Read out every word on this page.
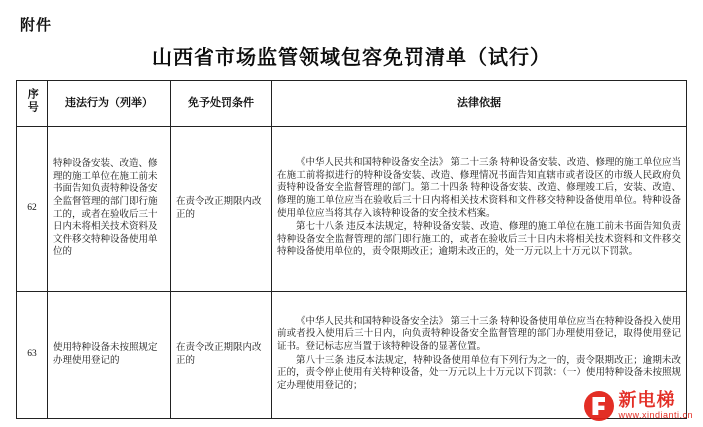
附件
山西省市场监管领域包容免罚清单（试行）
序号	违法行为（列举）	免予处罚条件	法律依据
62	特种设备安装、改造、修理的施工单位在施工前未书面告知负责特种设备安全监督管理的部门即行施工的，或者在验收后三十日内未将相关技术资料及文件移交特种设备使用单位的	在责令改正期限内改正的	《中华人民共和国特种设备安全法》 第二十三条 特种设备安装、改造、修理的施工单位应当在施工前将拟进行的特种设备安装、改造、修理情况书面告知直辖市或者设区的市级人民政府负责特种设备安全监督管理的部门。第二十四条 特种设备安装、改造、修理竣工后，安装、改造、修理的施工单位应当在验收后三十日内将相关技术资料和文件移交特种设备使用单位。特种设备使用单位应当将其存入该特种设备的安全技术档案。

第七十八条 违反本法规定，特种设备安装、改造、修理的施工单位在施工前未书面告知负责特种设备安全监督管理的部门即行施工的，或者在验收后三十日内未将相关技术资料和文件移交特种设备使用单位的，责令限期改正；逾期未改正的，处一万元以上十万元以下罚款。

63	使用特种设备未按照规定办理使用登记的	在责令改正期限内改正的	《中华人民共和国特种设备安全法》 第三十三条 特种设备使用单位应当在特种设备投入使用前或者投入使用后三十日内，向负责特种设备安全监督管理的部门办理使用登记，取得使用登记证书。登记标志应当置于该特种设备的显著位置。

第八十三条 违反本法规定，特种设备使用单位有下列行为之一的，责令限期改正；逾期未改正的，责令停止使用有关特种设备，处一万元以上十万元以下罚款：（一）使用特种设备未按照规定办理使用登记的；

新电梯
www.xindianti.cn
